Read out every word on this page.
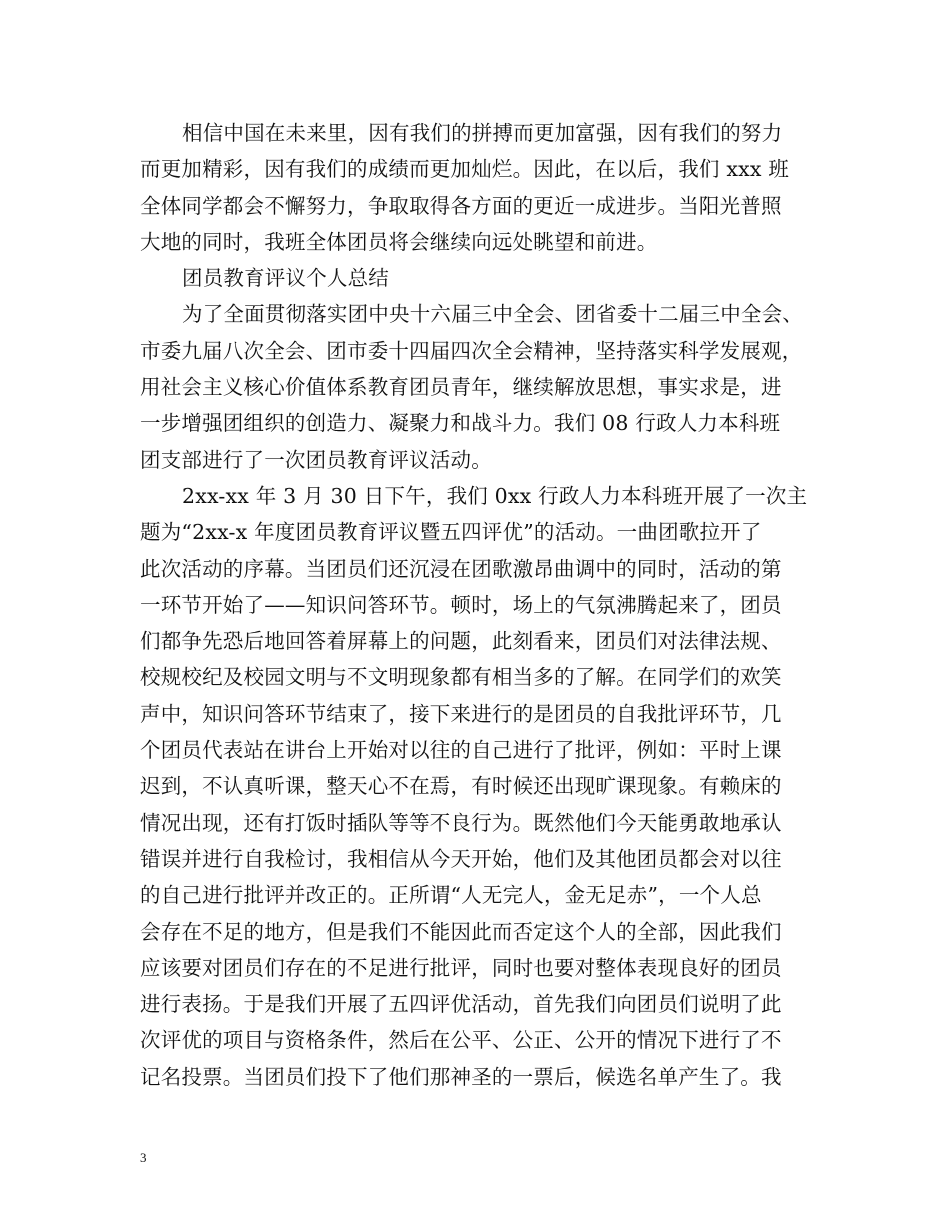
相信中国在未来里，因有我们的拼搏而更加富强，因有我们的努力
而更加精彩，因有我们的成绩而更加灿烂。因此，在以后，我们 xxx 班
全体同学都会不懈努力，争取取得各方面的更近一成进步。当阳光普照
大地的同时，我班全体团员将会继续向远处眺望和前进。
团员教育评议个人总结
为了全面贯彻落实团中央十六届三中全会、团省委十二届三中全会、
市委九届八次全会、团市委十四届四次全会精神，坚持落实科学发展观，
用社会主义核心价值体系教育团员青年，继续解放思想，事实求是，进
一步增强团组织的创造力、凝聚力和战斗力。我们 08 行政人力本科班
团支部进行了一次团员教育评议活动。
2xx-xx 年 3 月 30 日下午，我们 0xx 行政人力本科班开展了一次主
题为“2xx-x 年度团员教育评议暨五四评优”的活动。一曲团歌拉开了
此次活动的序幕。当团员们还沉浸在团歌激昂曲调中的同时，活动的第
一环节开始了——知识问答环节。顿时，场上的气氛沸腾起来了，团员
们都争先恐后地回答着屏幕上的问题，此刻看来，团员们对法律法规、
校规校纪及校园文明与不文明现象都有相当多的了解。在同学们的欢笑
声中，知识问答环节结束了，接下来进行的是团员的自我批评环节，几
个团员代表站在讲台上开始对以往的自己进行了批评，例如：平时上课
迟到，不认真听课，整天心不在焉，有时候还出现旷课现象。有赖床的
情况出现，还有打饭时插队等等不良行为。既然他们今天能勇敢地承认
错误并进行自我检讨，我相信从今天开始，他们及其他团员都会对以往
的自己进行批评并改正的。正所谓“人无完人，金无足赤”，一个人总
会存在不足的地方，但是我们不能因此而否定这个人的全部，因此我们
应该要对团员们存在的不足进行批评，同时也要对整体表现良好的团员
进行表扬。于是我们开展了五四评优活动，首先我们向团员们说明了此
次评优的项目与资格条件，然后在公平、公正、公开的情况下进行了不
记名投票。当团员们投下了他们那神圣的一票后，候选名单产生了。我
3
